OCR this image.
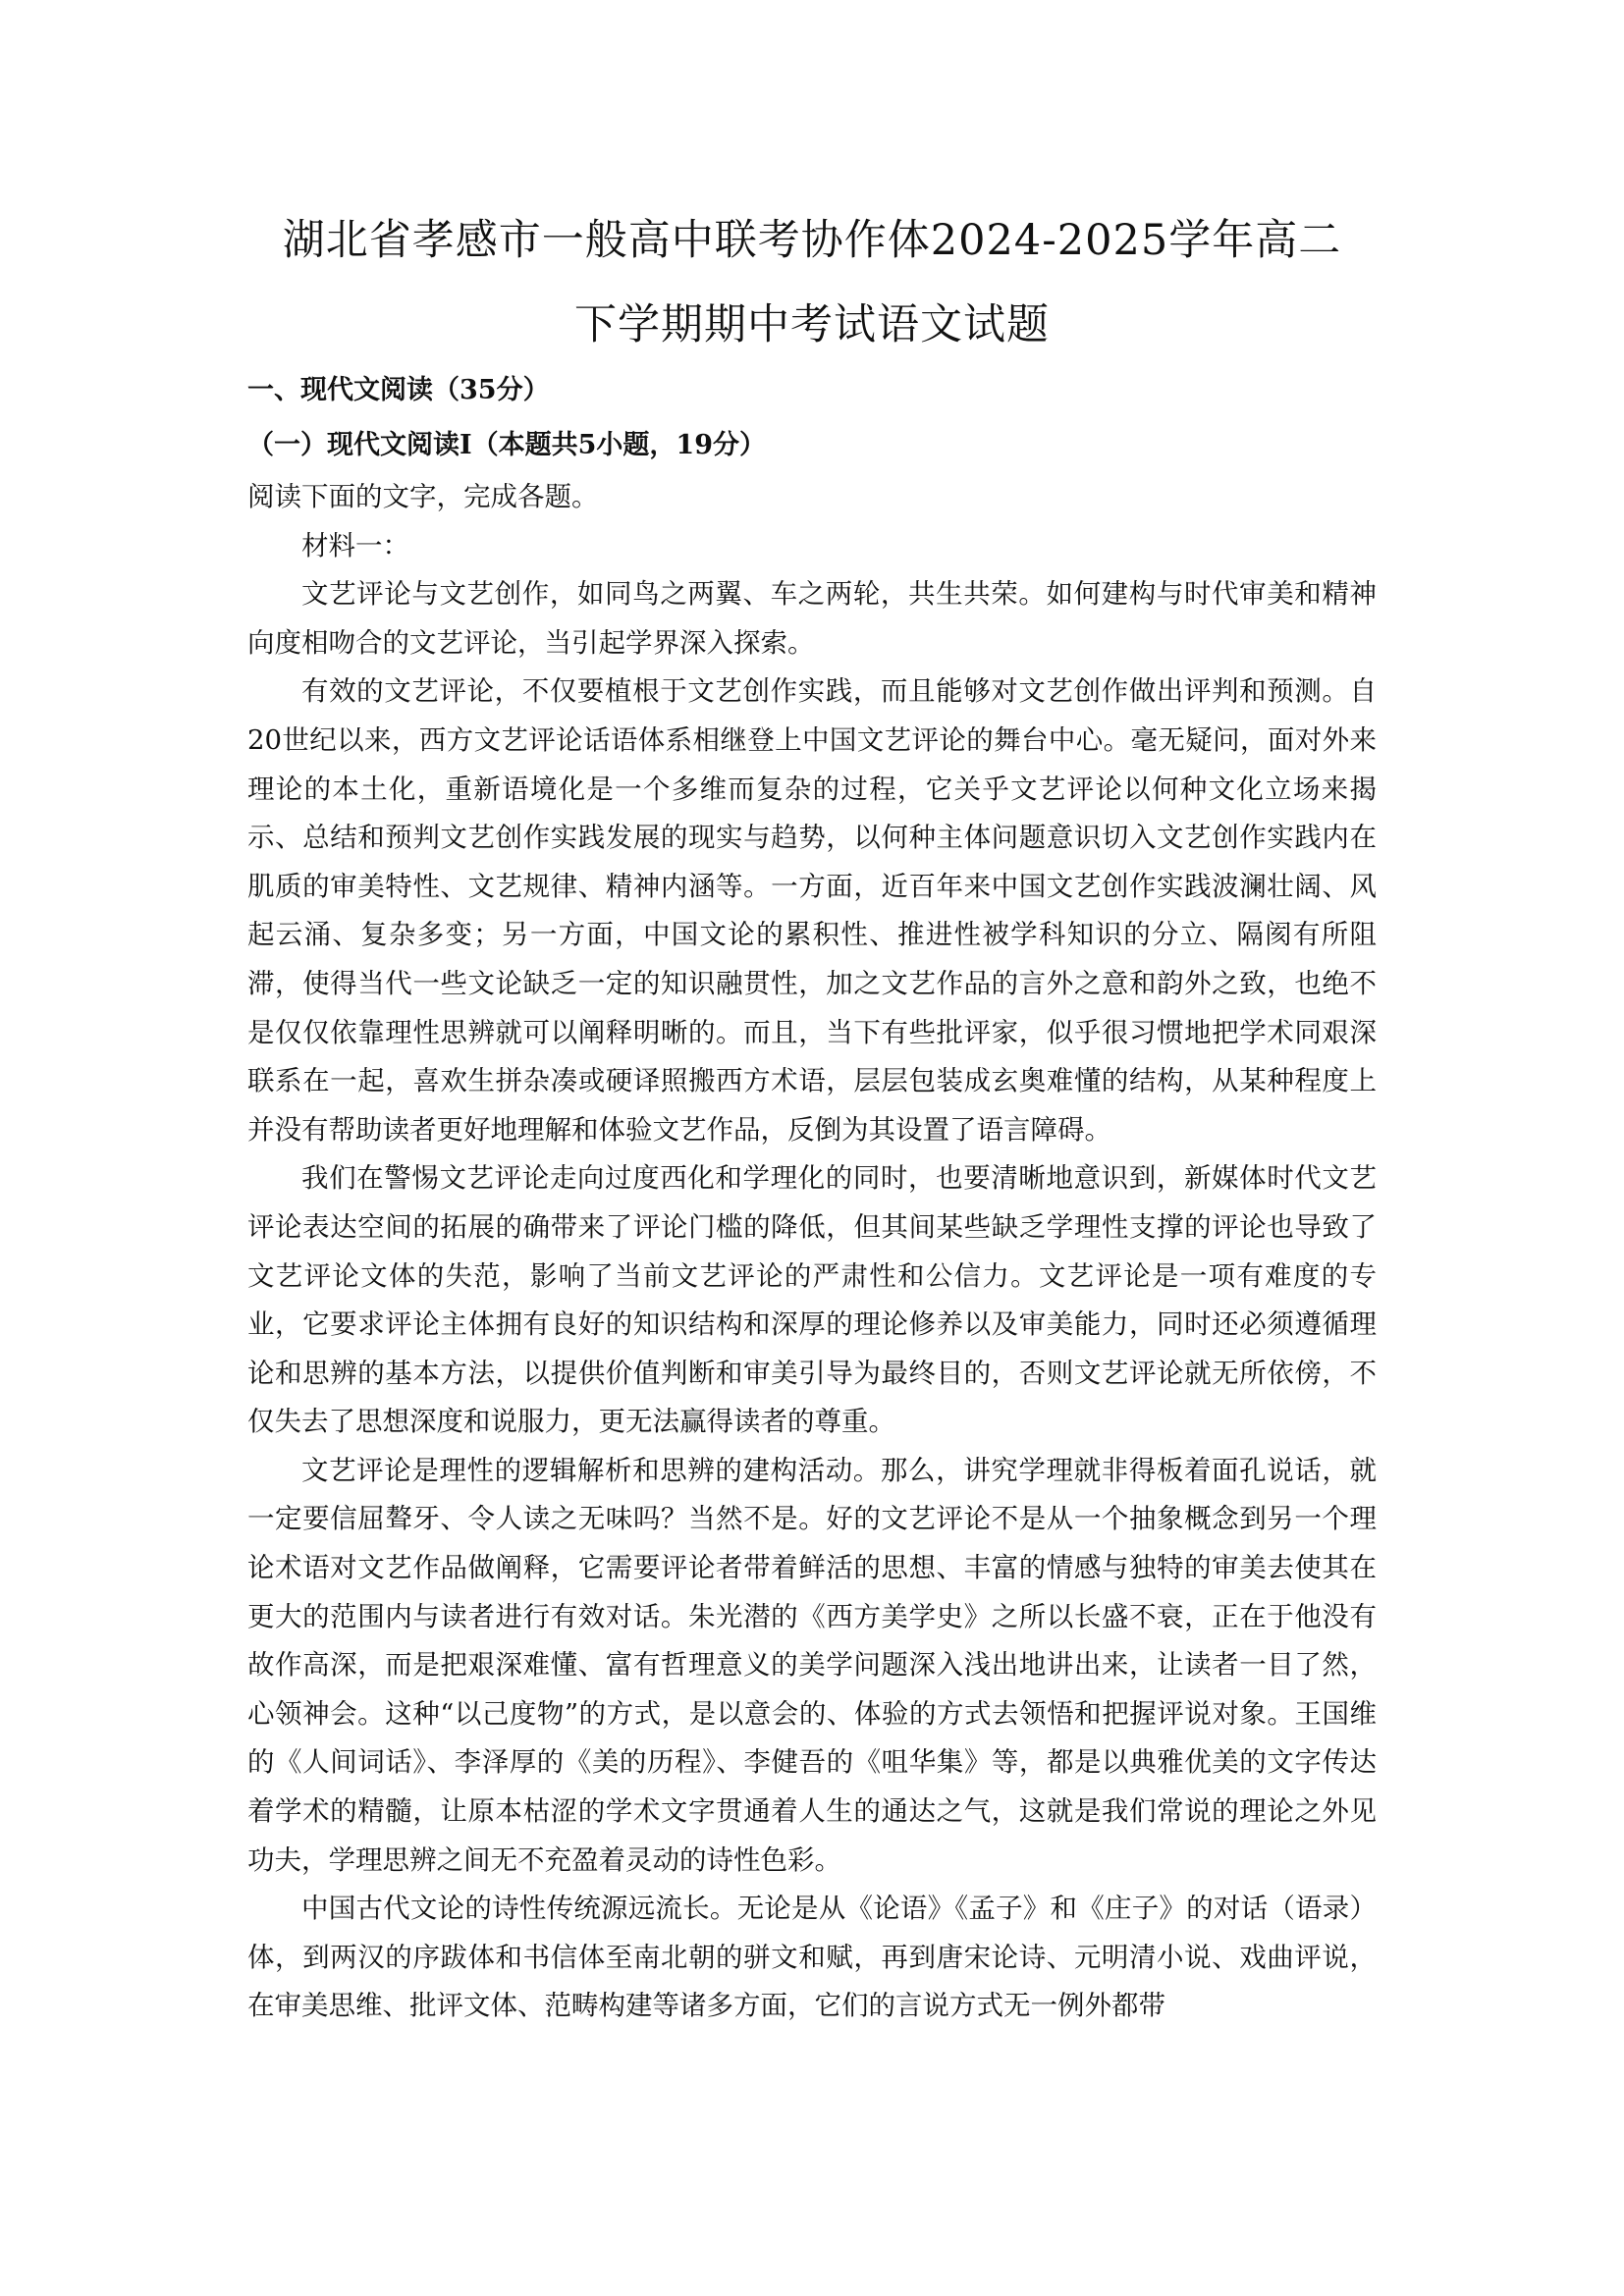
湖北省孝感市一般高中联考协作体2024-2025学年高二
下学期期中考试语文试题

一、现代文阅读（35分）

（一）现代文阅读I（本题共5小题，19分）

阅读下面的文字，完成各题。

材料一：

文艺评论与文艺创作，如同鸟之两翼、车之两轮，共生共荣。如何建构与时代审美和精神向度相吻合的文艺评论，当引起学界深入探索。

有效的文艺评论，不仅要植根于文艺创作实践，而且能够对文艺创作做出评判和预测。自20世纪以来，西方文艺评论话语体系相继登上中国文艺评论的舞台中心。毫无疑问，面对外来理论的本土化，重新语境化是一个多维而复杂的过程，它关乎文艺评论以何种文化立场来揭示、总结和预判文艺创作实践发展的现实与趋势，以何种主体问题意识切入文艺创作实践内在肌质的审美特性、文艺规律、精神内涵等。一方面，近百年来中国文艺创作实践波澜壮阔、风起云涌、复杂多变；另一方面，中国文论的累积性、推进性被学科知识的分立、隔阂有所阻滞，使得当代一些文论缺乏一定的知识融贯性，加之文艺作品的言外之意和韵外之致，也绝不是仅仅依靠理性思辨就可以阐释明晰的。而且，当下有些批评家，似乎很习惯地把学术同艰深联系在一起，喜欢生拼杂凑或硬译照搬西方术语，层层包装成玄奥难懂的结构，从某种程度上并没有帮助读者更好地理解和体验文艺作品，反倒为其设置了语言障碍。

我们在警惕文艺评论走向过度西化和学理化的同时，也要清晰地意识到，新媒体时代文艺评论表达空间的拓展的确带来了评论门槛的降低，但其间某些缺乏学理性支撑的评论也导致了文艺评论文体的失范，影响了当前文艺评论的严肃性和公信力。文艺评论是一项有难度的专业，它要求评论主体拥有良好的知识结构和深厚的理论修养以及审美能力，同时还必须遵循理论和思辨的基本方法，以提供价值判断和审美引导为最终目的，否则文艺评论就无所依傍，不仅失去了思想深度和说服力，更无法赢得读者的尊重。

文艺评论是理性的逻辑解析和思辨的建构活动。那么，讲究学理就非得板着面孔说话，就一定要信屈聱牙、令人读之无味吗？当然不是。好的文艺评论不是从一个抽象概念到另一个理论术语对文艺作品做阐释，它需要评论者带着鲜活的思想、丰富的情感与独特的审美去使其在更大的范围内与读者进行有效对话。朱光潜的《西方美学史》之所以长盛不衰，正在于他没有故作高深，而是把艰深难懂、富有哲理意义的美学问题深入浅出地讲出来，让读者一目了然，心领神会。这种“以己度物”的方式，是以意会的、体验的方式去领悟和把握评说对象。王国维的《人间词话》、李泽厚的《美的历程》、李健吾的《咀华集》等，都是以典雅优美的文字传达着学术的精髓，让原本枯涩的学术文字贯通着人生的通达之气，这就是我们常说的理论之外见功夫，学理思辨之间无不充盈着灵动的诗性色彩。

中国古代文论的诗性传统源远流长。无论是从《论语》《孟子》和《庄子》的对话（语录）体，到两汉的序跋体和书信体至南北朝的骈文和赋，再到唐宋论诗、元明清小说、戏曲评说，在审美思维、批评文体、范畴构建等诸多方面，它们的言说方式无一例外都带
